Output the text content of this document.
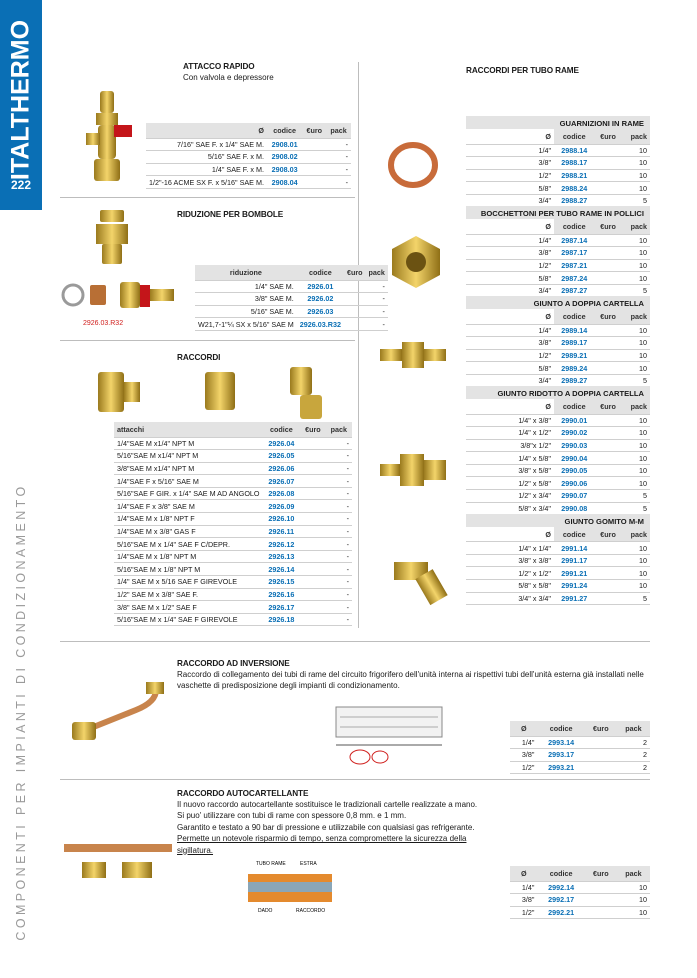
ITALTHERMO
222
COMPONENTI PER IMPIANTI DI CONDIZIONAMENTO
ATTACCO RAPIDO
Con valvola e depressore
Ø	codice	€uro	pack
7/16" SAE F. x 1/4" SAE M.	2908.01		-
5/16" SAE F. x M.	2908.02		-
1/4" SAE F. x M.	2908.03		-
1/2"-16 ACME SX F. x 5/16" SAE M.	2908.04		-
RIDUZIONE PER BOMBOLE
2926.03.R32
riduzione	codice	€uro	pack
1/4" SAE M.	2926.01		-
3/8" SAE M.	2926.02		-
5/16" SAE M.	2926.03		-
W21,7-1"¼ SX x 5/16" SAE M	2926.03.R32		-
RACCORDI
attacchi	codice	€uro	pack
1/4"SAE M x1/4" NPT M	2926.04		-
5/16"SAE M x1/4" NPT M	2926.05		-
3/8"SAE M x1/4" NPT M	2926.06		-
1/4"SAE F x 5/16" SAE M	2926.07		-
5/16"SAE F GIR. x 1/4" SAE M AD ANGOLO	2926.08		-
1/4"SAE F x 3/8" SAE M	2926.09		-
1/4"SAE M x 1/8" NPT F	2926.10		-
1/4"SAE M x 3/8" GAS F	2926.11		-
5/16"SAE M x 1/4" SAE F C/DEPR.	2926.12		-
1/4"SAE M x 1/8" NPT M	2926.13		-
5/16"SAE M x 1/8" NPT M	2926.14		-
1/4" SAE M x 5/16 SAE F GIREVOLE	2926.15		-
1/2" SAE M x 3/8" SAE F.	2926.16		-
3/8" SAE M x 1/2" SAE F	2926.17		-
5/16"SAE M x 1/4" SAE F GIREVOLE	2926.18		-
RACCORDI PER TUBO RAME
GUARNIZIONI IN RAME
Ø	codice	€uro	pack
1/4"	2988.14		10
3/8"	2988.17		10
1/2"	2988.21		10
5/8"	2988.24		10
3/4"	2988.27		5
BOCCHETTONI PER TUBO RAME IN POLLICI
Ø	codice	€uro	pack
1/4"	2987.14		10
3/8"	2987.17		10
1/2"	2987.21		10
5/8"	2987.24		10
3/4"	2987.27		5
GIUNTO A DOPPIA CARTELLA
Ø	codice	€uro	pack
1/4"	2989.14		10
3/8"	2989.17		10
1/2"	2989.21		10
5/8"	2989.24		10
3/4"	2989.27		5
GIUNTO RIDOTTO A DOPPIA CARTELLA
Ø	codice	€uro	pack
1/4" x 3/8"	2990.01		10
1/4" x 1/2"	2990.02		10
3/8"x 1/2"	2990.03		10
1/4" x 5/8"	2990.04		10
3/8" x 5/8"	2990.05		10
1/2" x 5/8"	2990.06		10
1/2" x 3/4"	2990.07		5
5/8" x 3/4"	2990.08		5
GIUNTO GOMITO M-M
Ø	codice	€uro	pack
1/4" x 1/4"	2991.14		10
3/8" x 3/8"	2991.17		10
1/2" x 1/2"	2991.21		10
5/8" x 5/8"	2991.24		10
3/4" x 3/4"	2991.27		5
RACCORDO AD INVERSIONE
Raccordo di collegamento dei tubi di rame del circuito frigorifero dell'unità interna ai rispettivi tubi dell'unità esterna già installati nelle vaschette di predisposizione degli impianti di condizionamento.
Ø	codice	€uro	pack
1/4"	2993.14		2
3/8"	2993.17		2
1/2"	2993.21		2
RACCORDO AUTOCARTELLANTE
Il nuovo raccordo autocartellante sostituisce le tradizionali cartelle realizzate a mano.
Si puo' utilizzare con tubi di rame con spessore 0,8 mm. e 1 mm.
Garantito e testato a 90 bar di pressione e utilizzabile con qualsiasi gas refrigerante.
Permette un notevole risparmio di tempo, senza compromettere la sicurezza della
sigillatura.
TUBO RAME	ESTRA
DADO	RACCORDO
Ø	codice	€uro	pack
1/4"	2992.14		10
3/8"	2992.17		10
1/2"	2992.21		10
